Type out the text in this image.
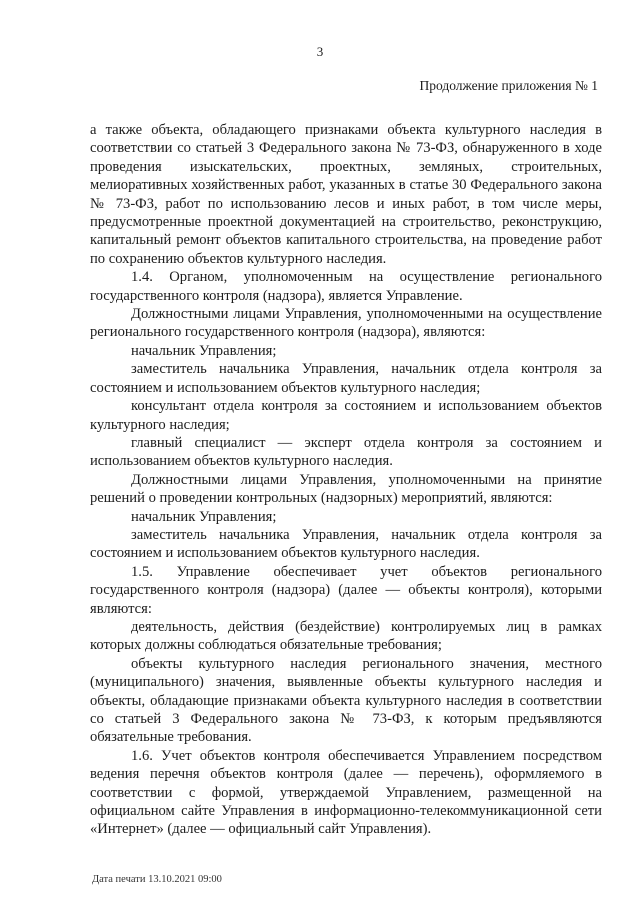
3
Продолжение приложения № 1

а также объекта, обладающего признаками объекта культурного наследия в соответствии со статьей 3 Федерального закона № 73-ФЗ, обнаруженного в ходе проведения изыскательских, проектных, земляных, строительных, мелиоративных хозяйственных работ, указанных в статье 30 Федерального закона № 73-ФЗ, работ по использованию лесов и иных работ, в том числе меры, предусмотренные проектной документацией на строительство, реконструкцию, капитальный ремонт объектов капитального строительства, на проведение работ по сохранению объектов культурного наследия.

1.4. Органом, уполномоченным на осуществление регионального государственного контроля (надзора), является Управление.

Должностными лицами Управления, уполномоченными на осуществление регионального государственного контроля (надзора), являются:

начальник Управления;

заместитель начальника Управления, начальник отдела контроля за состоянием и использованием объектов культурного наследия;

консультант отдела контроля за состоянием и использованием объектов культурного наследия;

главный специалист — эксперт отдела контроля за состоянием и использованием объектов культурного наследия.

Должностными лицами Управления, уполномоченными на принятие решений о проведении контрольных (надзорных) мероприятий, являются:

начальник Управления;

заместитель начальника Управления, начальник отдела контроля за состоянием и использованием объектов культурного наследия.

1.5. Управление обеспечивает учет объектов регионального государственного контроля (надзора) (далее — объекты контроля), которыми являются:

деятельность, действия (бездействие) контролируемых лиц в рамках которых должны соблюдаться обязательные требования;

объекты культурного наследия регионального значения, местного (муниципального) значения, выявленные объекты культурного наследия и объекты, обладающие признаками объекта культурного наследия в соответствии со статьей 3 Федерального закона № 73-ФЗ, к которым предъявляются обязательные требования.

1.6. Учет объектов контроля обеспечивается Управлением посредством ведения перечня объектов контроля (далее — перечень), оформляемого в соответствии с формой, утверждаемой Управлением, размещенной на официальном сайте Управления в информационно-телекоммуникационной сети «Интернет» (далее — официальный сайт Управления).

Дата печати 13.10.2021 09:00
